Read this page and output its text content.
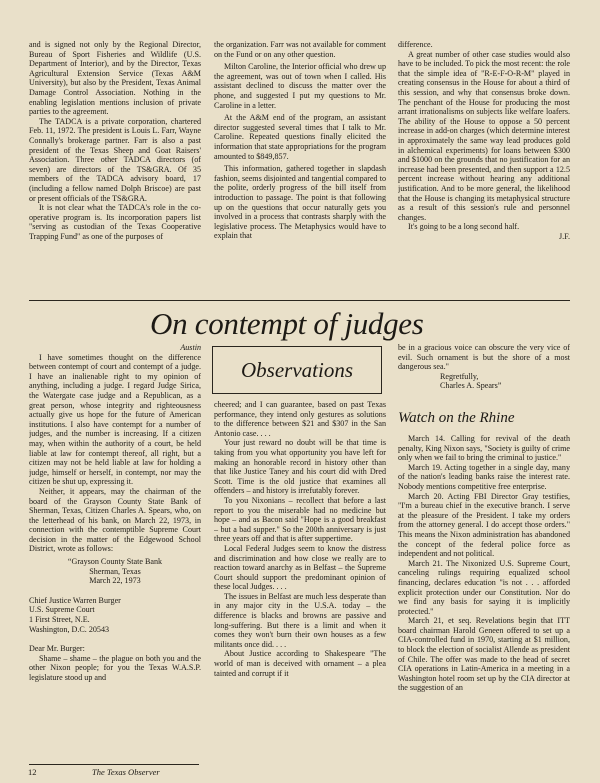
and is signed not only by the Regional Director, Bureau of Sport Fisheries and Wildlife (U.S. Department of Interior), and by the Director, Texas Agricultural Extension Service (Texas A&M University), but also by the President, Texas Animal Damage Control Association. Nothing in the enabling legislation mentions inclusion of private parties to the agreement.

The TADCA is a private corporation, chartered Feb. 11, 1972. The president is Louis L. Farr, Wayne Connally's brokerage partner. Farr is also a past president of the Texas Sheep and Goat Raisers' Association. Three other TADCA directors (of seven) are directors of the TS&GRA. Of 35 members of the TADCA advisory board, 17 (including a fellow named Dolph Briscoe) are past or present officials of the TS&GRA.

It is not clear what the TADCA's role in the co-operative program is. Its incorporation papers list "serving as custodian of the Texas Cooperative Trapping Fund" as one of the purposes of

the organization. Farr was not available for comment on the Fund or on any other question.

Milton Caroline, the Interior official who drew up the agreement, was out of town when I called. His assistant declined to discuss the matter over the phone, and suggested I put my questions to Mr. Caroline in a letter.

At the A&M end of the program, an assistant director suggested several times that I talk to Mr. Caroline. Repeated questions finally elicited the information that state appropriations for the program amounted to $849,857.

This information, gathered together in slapdash fashion, seems disjointed and tangential compared to the polite, orderly progress of the bill itself from introduction to passage. The point is that following up on the questions that occur naturally gets you involved in a process that contrasts sharply with the legislative process. The Metaphysics would have to explain that

difference.

A great number of other case studies would also have to be included. To pick the most recent: the role that the simple idea of "R-E-F-O-R-M" played in creating consensus in the House for about a third of this session, and why that consensus broke down. The penchant of the House for producing the most arrant irrationalisms on subjects like welfare loafers. The ability of the House to oppose a 50 percent increase in add-on charges (which determine interest in approximately the same way lead produces gold in alchemical experiments) for loans between $300 and $1000 on the grounds that no justification for an increase had been presented, and then support a 12.5 percent increase without hearing any additional justification. And to be more general, the likelihood that the House is changing its metaphysical structure as a result of this session's rule and personnel changes.

It's going to be a long second half.

J.F.

On contempt of judges
Observations

Austin

I have sometimes thought on the difference between contempt of court and contempt of a judge. I have an inalienable right to my opinion of anything, including a judge. I regard Judge Sirica, the Watergate case judge and a Republican, as a great person, whose integrity and righteousness actually give us hope for the future of American institutions. I also have contempt for a number of judges, and the number is increasing. If a citizen may, when within the authority of a court, be held liable at law for contempt thereof, all right, but a citizen may not be held liable at law for holding a judge, himself or herself, in contempt, nor may the citizen be shut up, expressing it.

Neither, it appears, may the chairman of the board of the Grayson County State Bank of Sherman, Texas, Citizen Charles A. Spears, who, on the letterhead of his bank, on March 22, 1973, in connection with the contemptible Supreme Court decision in the matter of the Edgewood School District, wrote as follows:

“Grayson County State Bank

Sherman, Texas

March 22, 1973

Chief Justice Warren Burger

U.S. Supreme Court

1 First Street, N.E.

Washington, D.C. 20543

Dear Mr. Burger:

Shame – shame – the plague on both you and the other Nixon people; for you the Texas W.A.S.P. legislature stood up and

cheered; and I can guarantee, based on past Texas performance, they intend only gestures as solutions to the difference between $21 and $307 in the San Antonio case. . . .

Your just reward no doubt will be that time is taking from you what opportunity you have left for making an honorable record in history other than that like Justice Taney and his court did with Dred Scott. Time is the old justice that examines all offenders – and history is irrefutably forever.

To you Nixonians – recollect that before a last report to you the miserable had no medicine but hope – and as Bacon said "Hope is a good breakfast – but a bad supper." So the 200th anniversary is just three years off and that is after suppertime.

Local Federal Judges seem to know the distress and discrimination and how close we really are to reaction toward anarchy as in Belfast – the Supreme Court should support the predominant opinion of these local Judges. . . .

The issues in Belfast are much less desperate than in any major city in the U.S.A. today – the difference is blacks and browns are passive and long-suffering. But there is a limit and when it comes they won't burn their own houses as a few militants once did. . . .

About Justice according to Shakespeare "The world of man is deceived with ornament – a plea tainted and corrupt if it

be in a gracious voice can obscure the very vice of evil. Such ornament is but the shore of a most dangerous sea."

Regretfully,

Charles A. Spears”

Watch on the Rhine

March 14. Calling for revival of the death penalty, King Nixon says, "Society is guilty of crime only when we fail to bring the criminal to justice."

March 19. Acting together in a single day, many of the nation's leading banks raise the interest rate. Nobody mentions competitive free enterprise.

March 20. Acting FBI Director Gray testifies, "I'm a bureau chief in the executive branch. I serve at the pleasure of the President. I take my orders from the attorney general. I do accept those orders." This means the Nixon administration has abandoned the concept of the federal police force as independent and not political.

March 21. The Nixonized U.S. Supreme Court, canceling rulings requiring equalized school financing, declares education "is not . . . afforded explicit protection under our Constitution. Nor do we find any basis for saying it is implicitly protected."

March 21, et seq. Revelations begin that ITT board chairman Harold Geneen offered to set up a CIA-controlled fund in 1970, starting at $1 million, to block the election of socialist Allende as president of Chile. The offer was made to the head of secret CIA operations in Latin-America in a meeting in a Washington hotel room set up by the CIA director at the suggestion of an

12	The Texas Observer
